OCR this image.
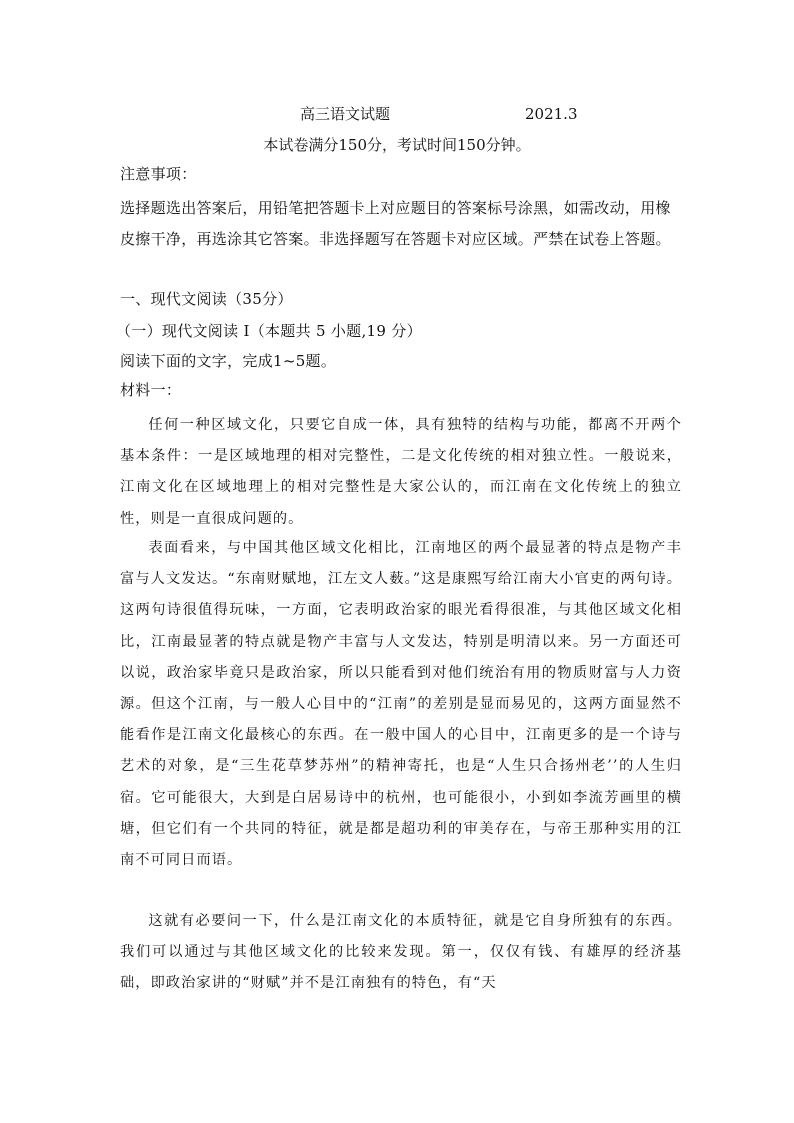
高三语文试题	2021.3
本试卷满分150分，考试时间150分钟。
注意事项：
选择题选出答案后，用铅笔把答题卡上对应题目的答案标号涂黑，如需改动，用橡皮擦干净，再选涂其它答案。非选择题写在答题卡对应区域。严禁在试卷上答题。
一、现代文阅读（35分）
（一）现代文阅读 I（本题共 5 小题,19 分）
阅读下面的文字，完成1~5题。
材料一：

任何一种区域文化，只要它自成一体，具有独特的结构与功能，都离不开两个基本条件：一是区域地理的相对完整性，二是文化传统的相对独立性。一般说来，江南文化在区域地理上的相对完整性是大家公认的，而江南在文化传统上的独立性，则是一直很成问题的。

表面看来，与中国其他区域文化相比，江南地区的两个最显著的特点是物产丰富与人文发达。“东南财赋地，江左文人薮。”这是康熙写给江南大小官吏的两句诗。这两句诗很值得玩味，一方面，它表明政治家的眼光看得很准，与其他区域文化相比，江南最显著的特点就是物产丰富与人文发达，特别是明清以来。另一方面还可以说，政治家毕竟只是政治家，所以只能看到对他们统治有用的物质财富与人力资源。但这个江南，与一般人心目中的“江南”的差别是显而易见的，这两方面显然不能看作是江南文化最核心的东西。在一般中国人的心目中，江南更多的是一个诗与艺术的对象，是“三生花草梦苏州”的精神寄托，也是“人生只合扬州老’’的人生归宿。它可能很大，大到是白居易诗中的杭州，也可能很小，小到如李流芳画里的横塘，但它们有一个共同的特征，就是都是超功利的审美存在，与帝王那种实用的江南不可同日而语。

这就有必要问一下，什么是江南文化的本质特征，就是它自身所独有的东西。我们可以通过与其他区域文化的比较来发现。第一，仅仅有钱、有雄厚的经济基础，即政治家讲的“财赋”并不是江南独有的特色，有“天
